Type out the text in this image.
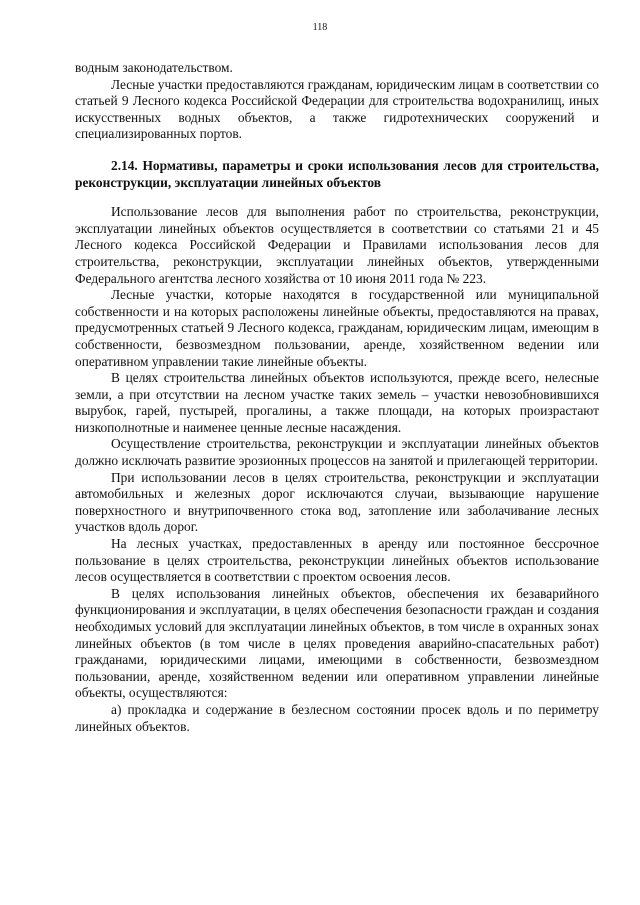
118

водным законодательством.

Лесные участки предоставляются гражданам, юридическим лицам в соответствии со статьей 9 Лесного кодекса Российской Федерации для строительства водохранилищ, иных искусственных водных объектов, а также гидротехнических сооружений и специализированных портов.

2.14. Нормативы, параметры и сроки использования лесов для строительства, реконструкции, эксплуатации линейных объектов

Использование лесов для выполнения работ по строительства, реконструкции, эксплуатации линейных объектов осуществляется в соответствии со статьями 21 и 45 Лесного кодекса Российской Федерации и Правилами использования лесов для строительства, реконструкции, эксплуатации линейных объектов, утвержденными Федерального агентства лесного хозяйства от 10 июня 2011 года № 223.

Лесные участки, которые находятся в государственной или муниципальной собственности и на которых расположены линейные объекты, предоставляются на правах, предусмотренных статьей 9 Лесного кодекса, гражданам, юридическим лицам, имеющим в собственности, безвозмездном пользовании, аренде, хозяйственном ведении или оперативном управлении такие линейные объекты.

В целях строительства линейных объектов используются, прежде всего, нелесные земли, а при отсутствии на лесном участке таких земель – участки невозобновившихся вырубок, гарей, пустырей, прогалины, а также площади, на которых произрастают низкополнотные и наименее ценные лесные насаждения.

Осуществление строительства, реконструкции и эксплуатации линейных объектов должно исключать развитие эрозионных процессов на занятой и прилегающей территории.

При использовании лесов в целях строительства, реконструкции и эксплуатации автомобильных и железных дорог исключаются случаи, вызывающие нарушение поверхностного и внутрипочвенного стока вод, затопление или заболачивание лесных участков вдоль дорог.

На лесных участках, предоставленных в аренду или постоянное бессрочное пользование в целях строительства, реконструкции линейных объектов использование лесов осуществляется в соответствии с проектом освоения лесов.

В целях использования линейных объектов, обеспечения их безаварийного функционирования и эксплуатации, в целях обеспечения безопасности граждан и создания необходимых условий для эксплуатации линейных объектов, в том числе в охранных зонах линейных объектов (в том числе в целях проведения аварийно-спасательных работ) гражданами, юридическими лицами, имеющими в собственности, безвозмездном пользовании, аренде, хозяйственном ведении или оперативном управлении линейные объекты, осуществляются:

а) прокладка и содержание в безлесном состоянии просек вдоль и по периметру линейных объектов.
